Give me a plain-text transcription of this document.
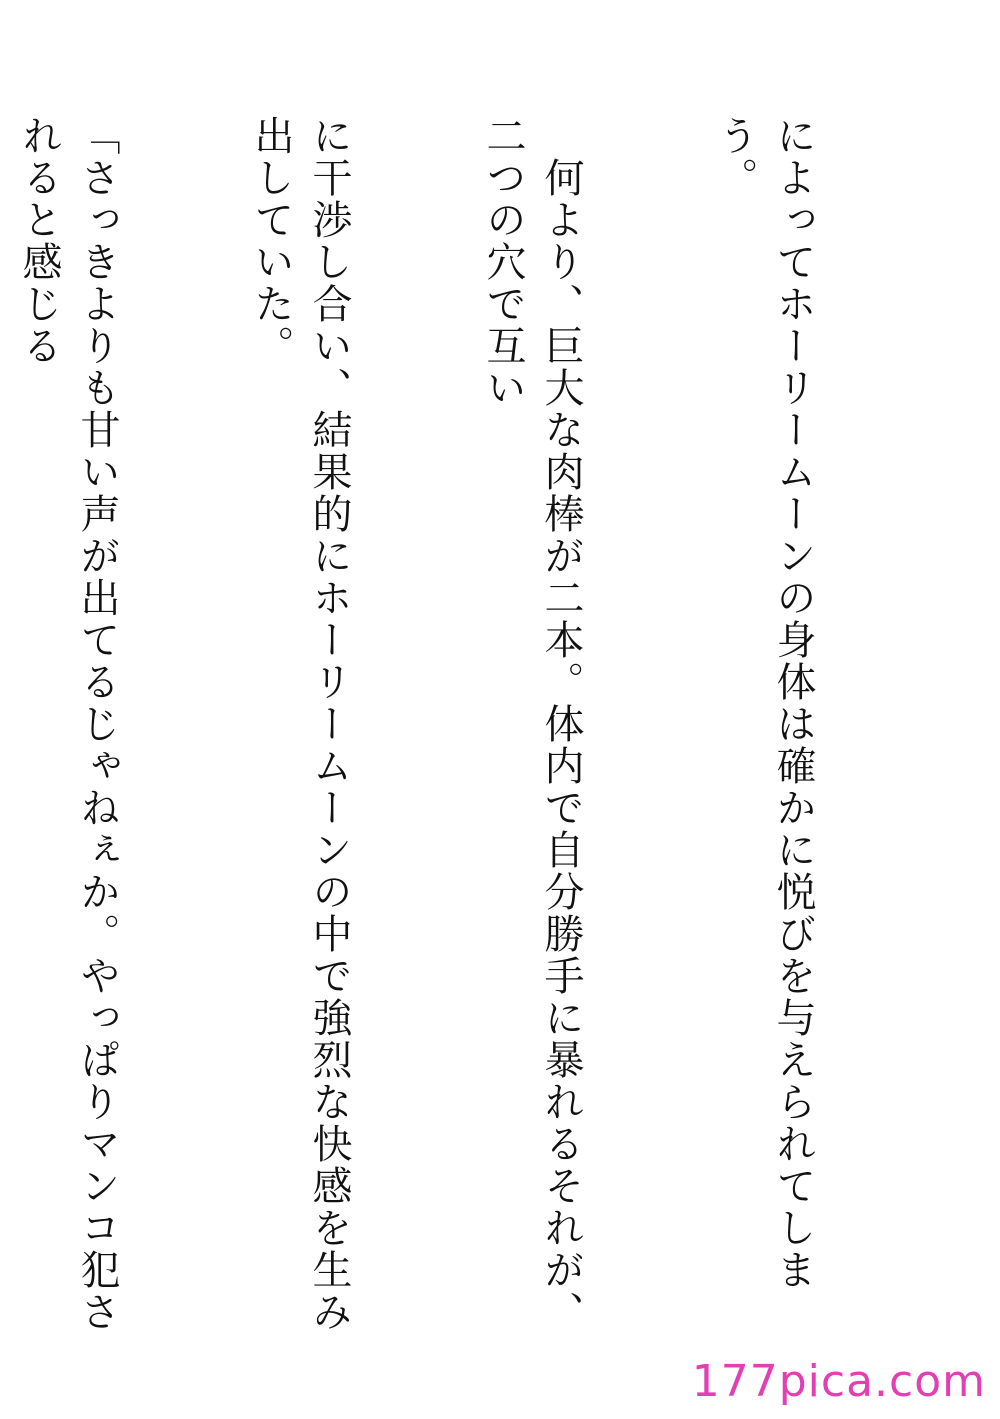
によってホーリームーンの身体は確かに悦びを与えられてしまう。

　何より、巨大な肉棒が二本。体内で自分勝手に暴れるそれが、二つの穴で互い

に干渉し合い、結果的にホーリームーンの中で強烈な快感を生み出していた。

「さっきよりも甘い声が出てるじゃねぇか。やっぱりマンコ犯されると感じる

177pica.com
